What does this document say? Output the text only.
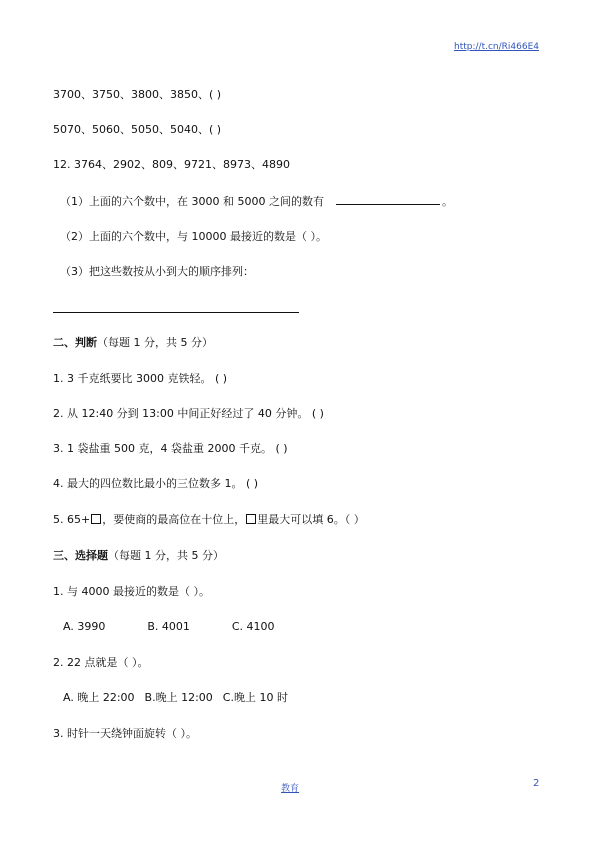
http://t.cn/Ri466E4
3700、3750、3800、3850、( )
5070、5060、5050、5040、( )
12. 3764、2902、809、9721、8973、4890
（1）上面的六个数中，在 3000 和 5000 之间的数有	。
（2）上面的六个数中，与 10000 最接近的数是（ ）。
（3）把这些数按从小到大的顺序排列：
二、判断（每题 1 分，共 5 分）
1. 3 千克纸要比 3000 克铁轻。 ( )
2. 从 12:40 分到 13:00 中间正好经过了 40 分钟。 ( )
3. 1 袋盐重 500 克，4 袋盐重 2000 千克。 ( )
4. 最大的四位数比最小的三位数多 1。 ( )
5. 65+ ，要使商的最高位在十位上， 里最大可以填 6。（ ）
三、选择题（每题 1 分，共 5 分）
1. 与 4000 最接近的数是（ ）。
A. 3990	B. 4001	C. 4100
2. 22 点就是（ ）。
A. 晚上 22:00 B.晚上 12:00 C.晚上 10 时
3. 时针一天绕钟面旋转（ ）。
教育	2
